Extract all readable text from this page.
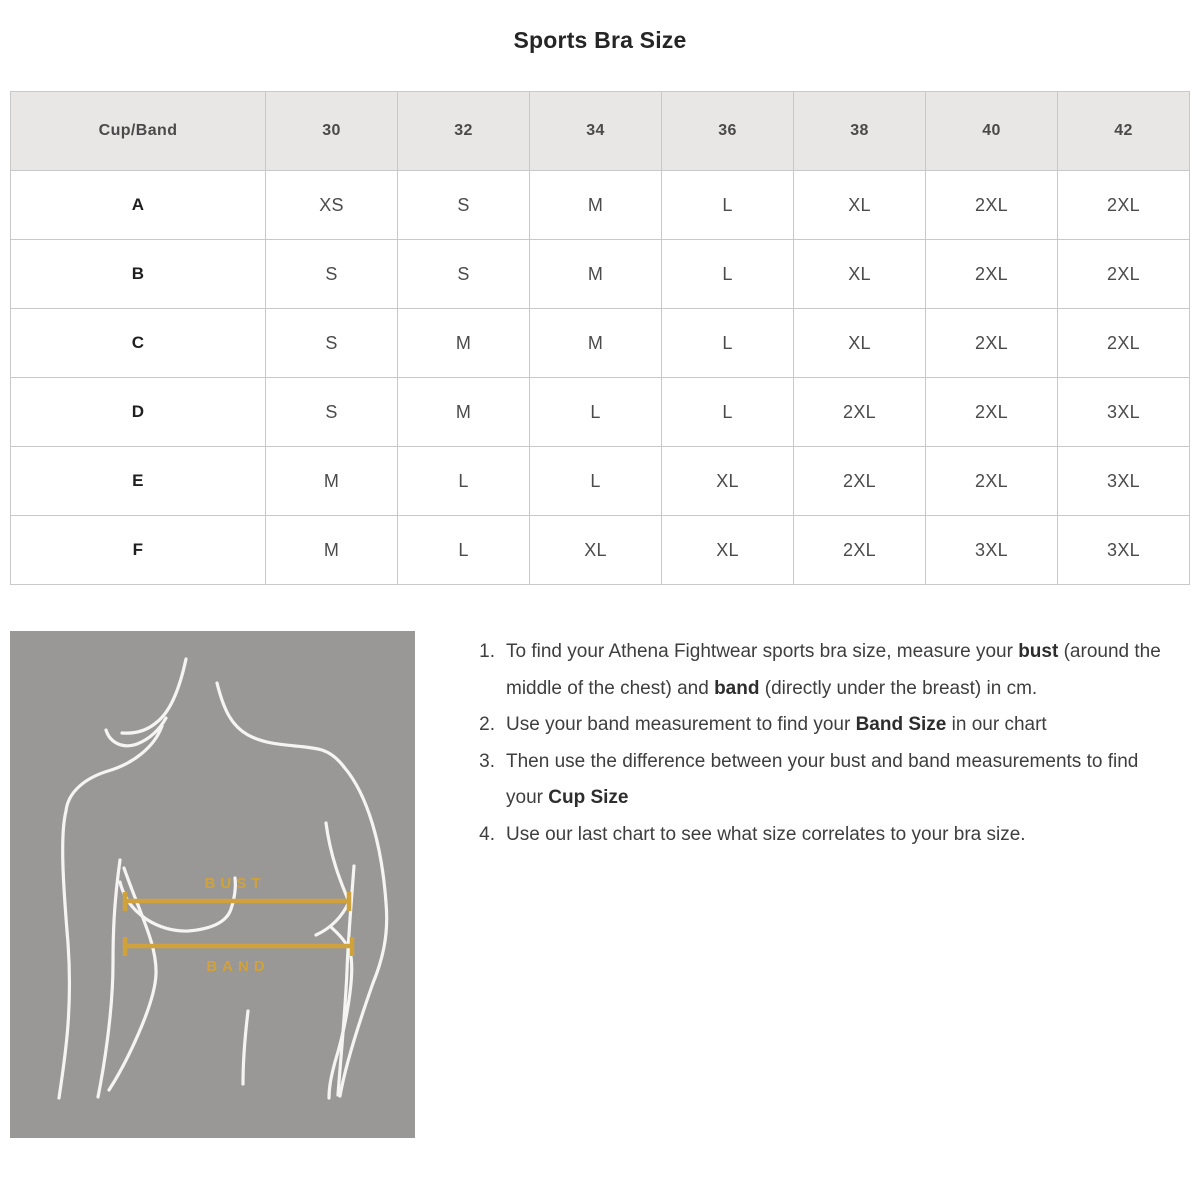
Sports Bra Size
Cup/Band	30	32	34	36	38	40	42
A	XS	S	M	L	XL	2XL	2XL
B	S	S	M	L	XL	2XL	2XL
C	S	M	M	L	XL	2XL	2XL
D	S	M	L	L	2XL	2XL	3XL
E	M	L	L	XL	2XL	2XL	3XL
F	M	L	XL	XL	2XL	3XL	3XL
BUST
BAND
1. To find your Athena Fightwear sports bra size, measure your bust (around the middle of the chest) and band (directly under the breast) in cm.
2. Use your band measurement to find your Band Size in our chart
3. Then use the difference between your bust and band measurements to find your Cup Size
4. Use our last chart to see what size correlates to your bra size.
